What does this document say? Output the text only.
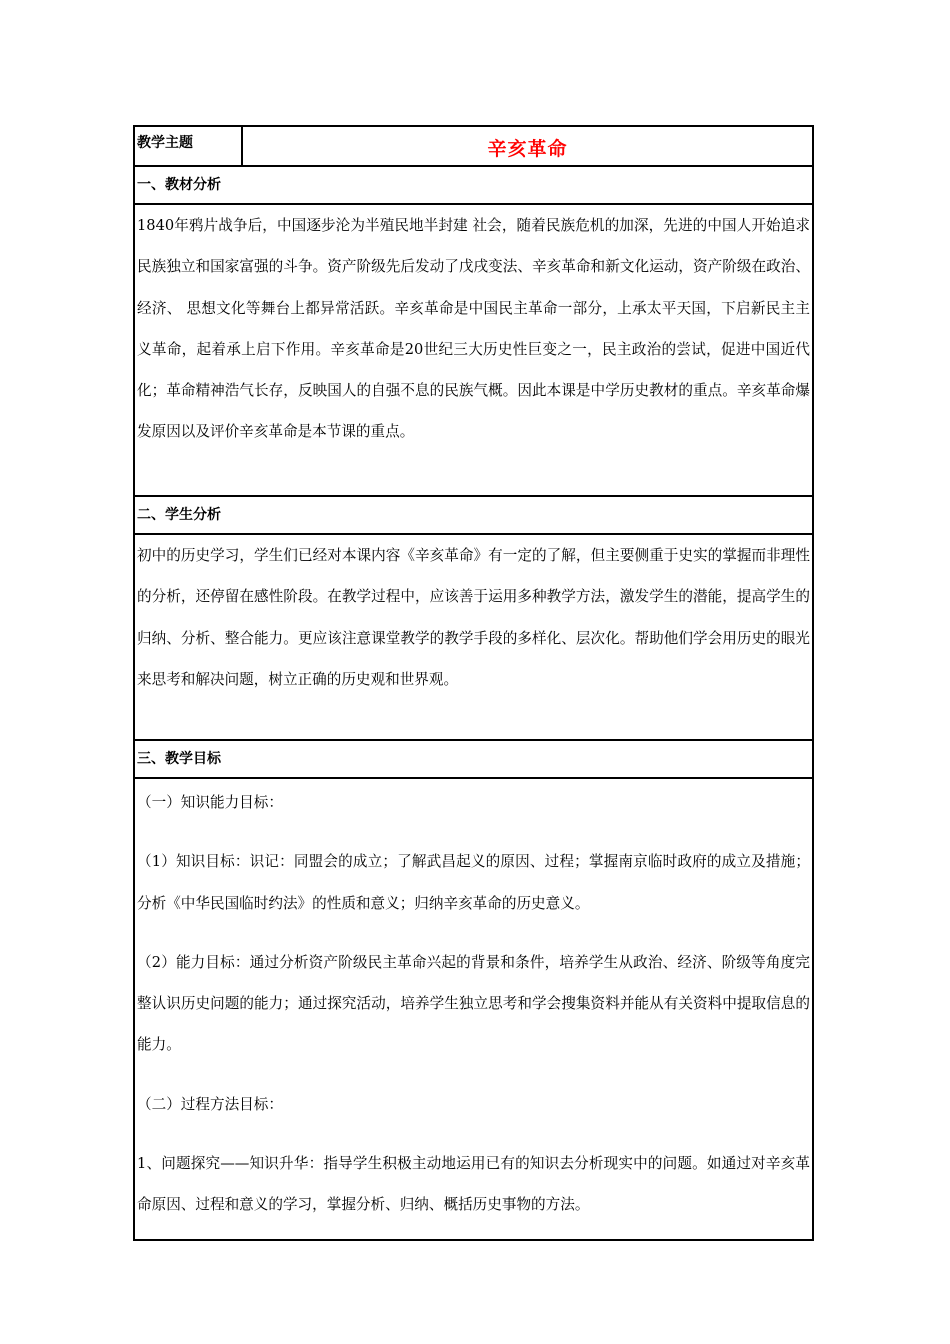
教学主题	辛亥革命
一、教材分析

1840年鸦片战争后，中国逐步沦为半殖民地半封建 社会，随着民族危机的加深，先进的中国人开始追求民族独立和国家富强的斗争。资产阶级先后发动了戊戌变法、辛亥革命和新文化运动，资产阶级在政治、经济、 思想文化等舞台上都异常活跃。辛亥革命是中国民主革命一部分，上承太平天国，下启新民主主义革命，起着承上启下作用。辛亥革命是20世纪三大历史性巨变之一，民主政治的尝试，促进中国近代化；革命精神浩气长存，反映国人的自强不息的民族气概。因此本课是中学历史教材的重点。辛亥革命爆发原因以及评价辛亥革命是本节课的重点。

二、学生分析

初中的历史学习，学生们已经对本课内容《辛亥革命》有一定的了解，但主要侧重于史实的掌握而非理性的分析，还停留在感性阶段。在教学过程中，应该善于运用多种教学方法，激发学生的潜能，提高学生的归纳、分析、整合能力。更应该注意课堂教学的教学手段的多样化、层次化。帮助他们学会用历史的眼光来思考和解决问题，树立正确的历史观和世界观。

三、教学目标

（一）知识能力目标：

（1）知识目标：识记：同盟会的成立；了解武昌起义的原因、过程；掌握南京临时政府的成立及措施；分析《中华民国临时约法》的性质和意义；归纳辛亥革命的历史意义。

（2）能力目标：通过分析资产阶级民主革命兴起的背景和条件，培养学生从政治、经济、阶级等角度完整认识历史问题的能力；通过探究活动，培养学生独立思考和学会搜集资料并能从有关资料中提取信息的能力。

（二）过程方法目标：

1、问题探究——知识升华：指导学生积极主动地运用已有的知识去分析现实中的问题。如通过对辛亥革命原因、过程和意义的学习，掌握分析、归纳、概括历史事物的方法。
